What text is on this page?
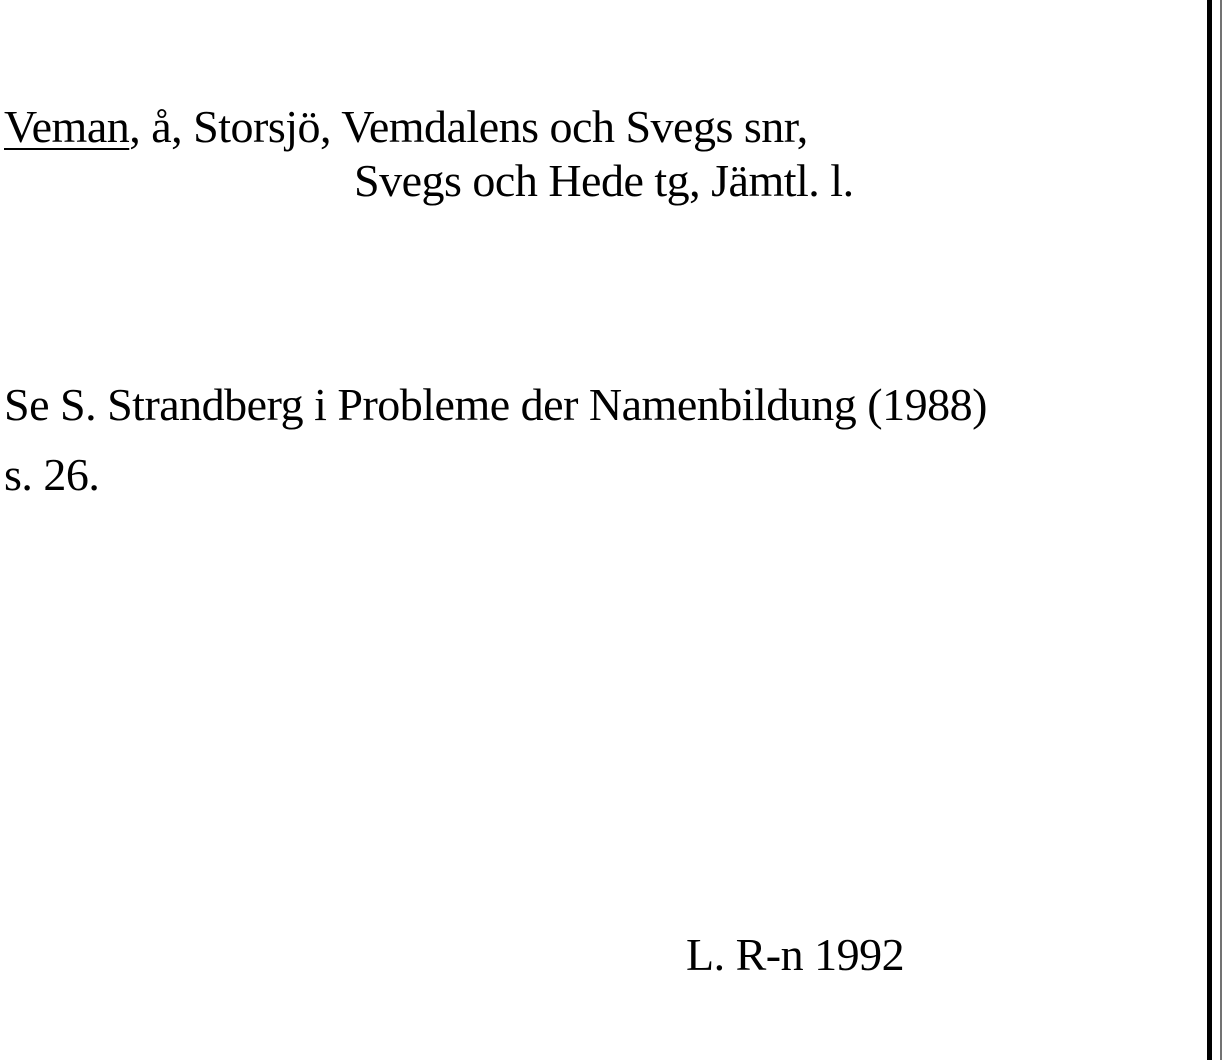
Veman, å, Storsjö, Vemdalens och Svegs snr,
Svegs och Hede tg, Jämtl. l.
Se S. Strandberg i Probleme der Namenbildung (1988)
s. 26.
L. R-n 1992
